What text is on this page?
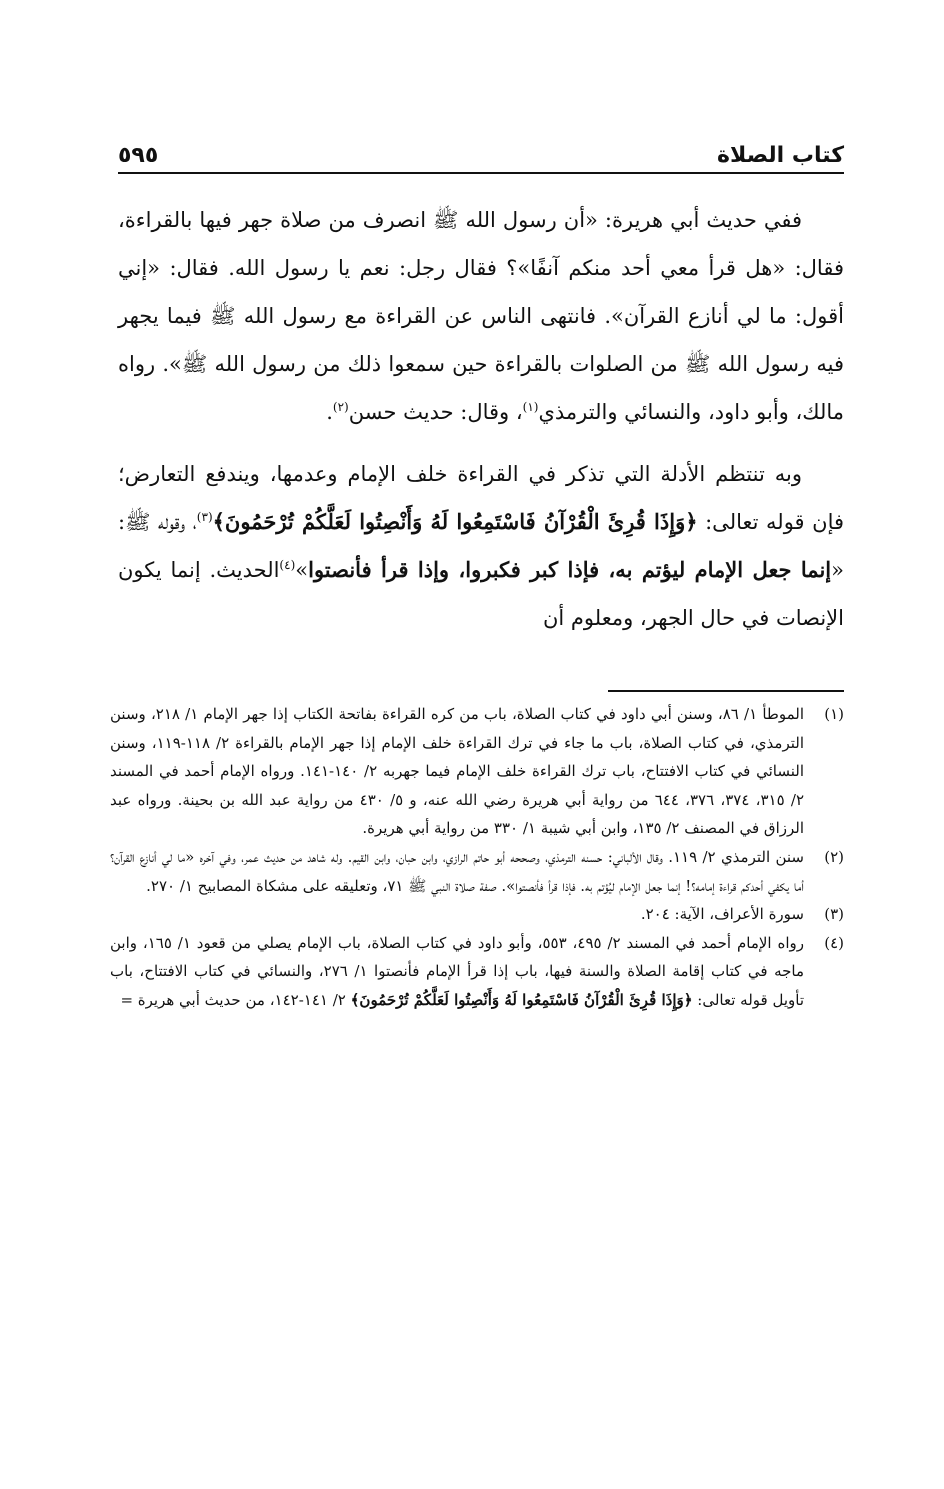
كتاب الصلاة
٥٩٥

ففي حديث أبي هريرة: «أن رسول الله ﷺ انصرف من صلاة جهر فيها بالقراءة، فقال: «هل قرأ معي أحد منكم آنفًا»؟ فقال رجل: نعم يا رسول الله. فقال: «إني أقول: ما لي أنازع القرآن». فانتهى الناس عن القراءة مع رسول الله ﷺ فيما يجهر فيه رسول الله ﷺ من الصلوات بالقراءة حين سمعوا ذلك من رسول الله ﷺ». رواه مالك، وأبو داود، والنسائي والترمذي$^{(١)}$، وقال: حديث حسن$^{(٢)}$.

وبه تنتظم الأدلة التي تذكر في القراءة خلف الإمام وعدمها، ويندفع التعارض؛ فإن قوله تعالى: ﴿وَإِذَا قُرِئَ الْقُرْآنُ فَاسْتَمِعُوا لَهُ وَأَنْصِتُوا لَعَلَّكُمْ تُرْحَمُونَ﴾$^{(٣)}$، وقوله ﷺ: «إنما جعل الإمام ليؤتم به، فإذا كبر فكبروا، وإذا قرأ فأنصتوا»$^{(٤)}$الحديث. إنما يكون الإنصات في حال الجهر، ومعلوم أن

(١)
الموطأ ١/ ٨٦، وسنن أبي داود في كتاب الصلاة، باب من كره القراءة بفاتحة الكتاب إذا جهر الإمام ١/ ٢١٨، وسنن الترمذي، في كتاب الصلاة، باب ما جاء في ترك القراءة خلف الإمام إذا جهر الإمام بالقراءة ٢/ ١١٨-١١٩، وسنن النسائي في كتاب الافتتاح، باب ترك القراءة خلف الإمام فيما جهربه ٢/ ١٤٠-١٤١. ورواه الإمام أحمد في المسند ٢/ ٣١٥، ٣٧٤، ٣٧٦، ٦٤٤ من رواية أبي هريرة رضي الله عنه، و ٥/ ٤٣٠ من رواية عبد الله بن بحينة. ورواه عبد الرزاق في المصنف ٢/ ١٣٥، وابن أبي شيبة ١/ ٣٣٠ من رواية أبي هريرة.
(٢)
سنن الترمذي ٢/ ١١٩. وقال الألباني: حسنه الترمذي، وصححه أبو حاتم الرازي، وابن حبان، وابن القيم. وله شاهد من حديث عمر، وفي آخره «ما لي أنازع القرآن؟ أما يكفي أحدكم قراءة إمامه؟! إنما جعل الإمام ليُؤتم به. فإذا قرأ فأنصتوا». صفة صلاة النبي ﷺ ٧١، وتعليقه على مشكاة المصابيح ١/ ٢٧٠.
(٣)
سورة الأعراف، الآية: ٢٠٤.
(٤)
رواه الإمام أحمد في المسند ٢/ ٤٩٥، ٥٥٣، وأبو داود في كتاب الصلاة، باب الإمام يصلي من قعود ١/ ١٦٥، وابن ماجه في كتاب إقامة الصلاة والسنة فيها، باب إذا قرأ الإمام فأنصتوا ١/ ٢٧٦، والنسائي في كتاب الافتتاح، باب تأويل قوله تعالى: ﴿وَإِذَا قُرِئَ الْقُرْآنُ فَاسْتَمِعُوا لَهُ وَأَنْصِتُوا لَعَلَّكُمْ تُرْحَمُونَ﴾ ٢/ ١٤١-١٤٢، من حديث أبي هريرة =
